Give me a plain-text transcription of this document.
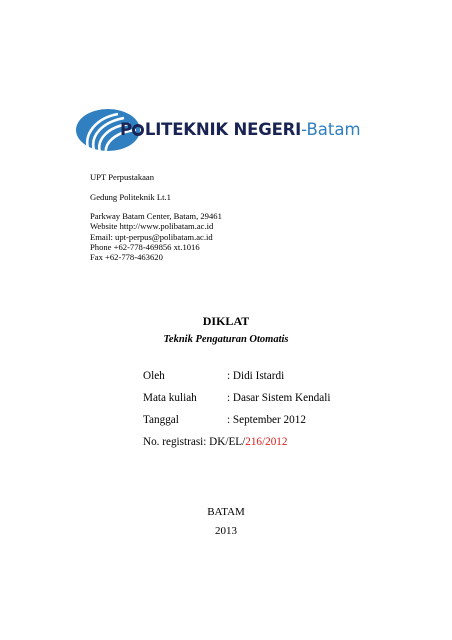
P LITEKNIK NEGERI-Batam
UPT Perpustakaan
Gedung Politeknik Lt.1
Parkway Batam Center, Batam, 29461
Website http://www.polibatam.ac.id
Email: upt-perpus@polibatam.ac.id
Phone +62-778-469856 xt.1016
Fax +62-778-463620
DIKLAT
Teknik Pengaturan Otomatis
Oleh	: Didi Istardi
Mata kuliah	: Dasar Sistem Kendali
Tanggal	: September 2012
No. registrasi: DK/EL/216/2012
BATAM
2013
